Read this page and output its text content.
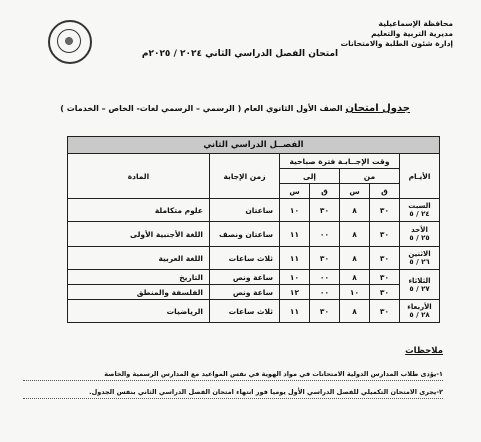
محافظة الإسماعيلية
مديرية التربية والتعليم
إدارة شئون الطلبة والامتحانات
امتحان الفصل الدراسي الثاني ٢٠٢٤ / ٢٠٢٥م
جدول امتحان الصف الأول الثانوي العام ( الرسمي – الرسمي لغات- الخاص – الخدمات )
الفصــل الدراسي الثاني						
الأيـام	وقت الإجــابـة فترة صباحية				زمن الإجابة	المادة
	من		إلى			
	ق	س	ق	س		

السبت
٢٤ / ٥	٣٠	٨	٣٠	١٠	ساعتان	علوم متكاملة

الأحد
٢٥ / ٥	٣٠	٨	٠٠	١١	ساعتان ونصف	اللغة الأجنبية الأولى

الاثنين
٢٦ / ٥	٣٠	٨	٣٠	١١	ثلاث ساعات	اللغة العربية

الثلاثاء
٢٧ / ٥	٣٠	٨	٠٠	١٠	ساعة ونص	التاريخ
	٣٠	١٠	٠٠	١٢	ساعة ونص	الفلسفة والمنطق

الأربعاء
٢٨ / ٥	٣٠	٨	٣٠	١١	ثلاث ساعات	الرياضيات
ملاحظات
١-يؤدى طلاب المدارس الدولية الامتحانات في مواد الهوية في نفس المواعيد مع المدارس الرسمية والخاصة
٢-يجرى الامتحان التكميلي للفصل الدراسي الأول يوميا فور انتهاء امتحان الفصل الدراسي الثاني بنفس الجدول.
